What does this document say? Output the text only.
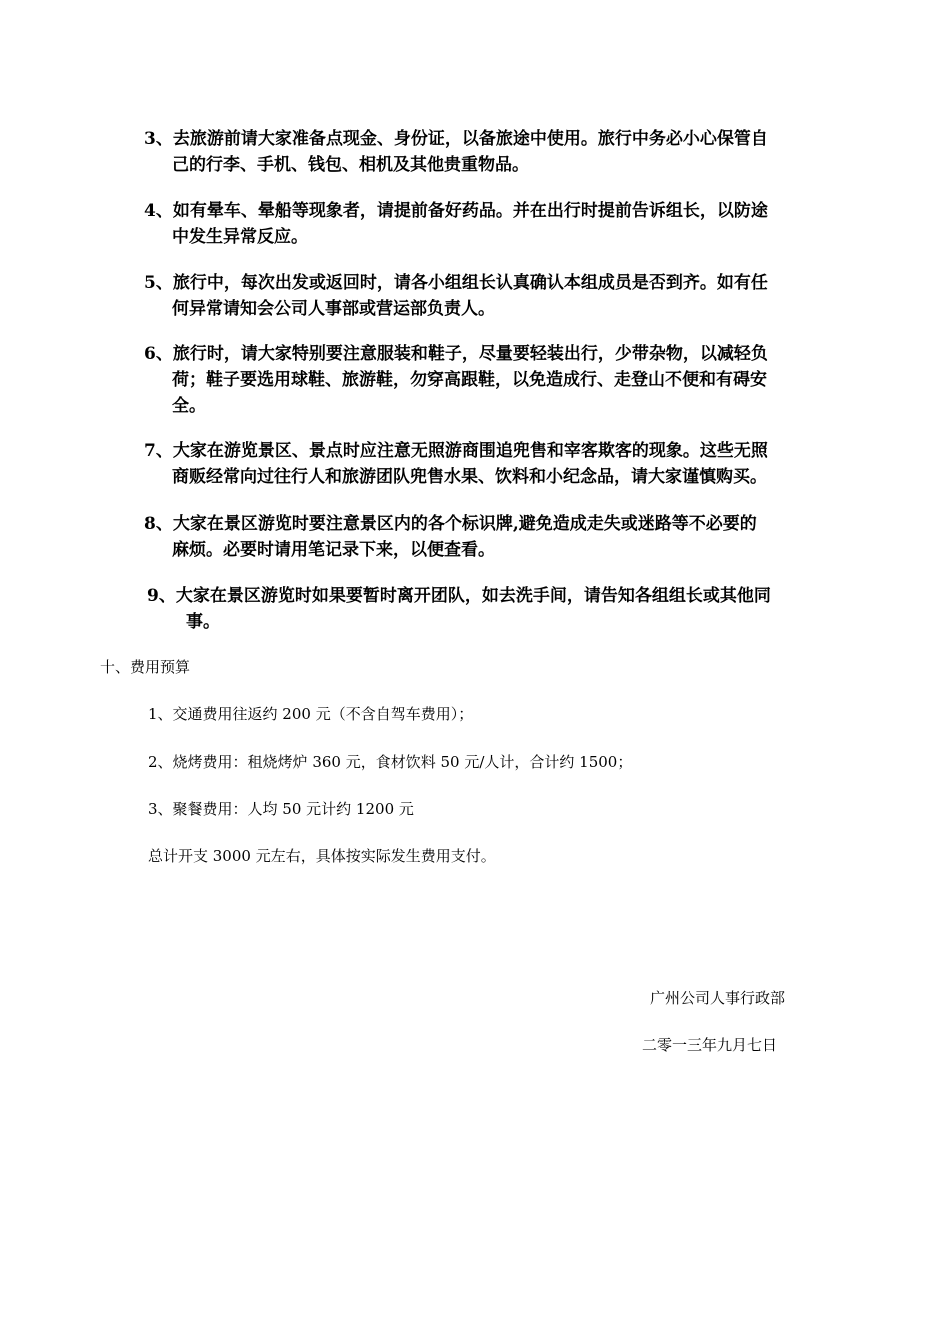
3、去旅游前请大家准备点现金、身份证，以备旅途中使用。旅行中务必小心保管自
己的行李、手机、钱包、相机及其他贵重物品。
4、如有晕车、晕船等现象者，请提前备好药品。并在出行时提前告诉组长，以防途
中发生异常反应。
5、旅行中，每次出发或返回时，请各小组组长认真确认本组成员是否到齐。如有任
何异常请知会公司人事部或营运部负责人。
6、旅行时，请大家特别要注意服装和鞋子，尽量要轻装出行，少带杂物，以减轻负
荷；鞋子要选用球鞋、旅游鞋，勿穿高跟鞋，以免造成行、走登山不便和有碍安
全。
7、大家在游览景区、景点时应注意无照游商围追兜售和宰客欺客的现象。这些无照
商贩经常向过往行人和旅游团队兜售水果、饮料和小纪念品，请大家谨慎购买。
8、大家在景区游览时要注意景区内的各个标识牌,避免造成走失或迷路等不必要的
麻烦。必要时请用笔记录下来，以便查看。
9、大家在景区游览时如果要暂时离开团队，如去洗手间，请告知各组组长或其他同
事。
十、费用预算
1、交通费用往返约 200 元（不含自驾车费用）；
2、烧烤费用：租烧烤炉 360 元，食材饮料 50 元/人计，合计约 1500；
3、聚餐费用：人均 50 元计约 1200 元
总计开支 3000 元左右，具体按实际发生费用支付。
广州公司人事行政部
二零一三年九月七日
